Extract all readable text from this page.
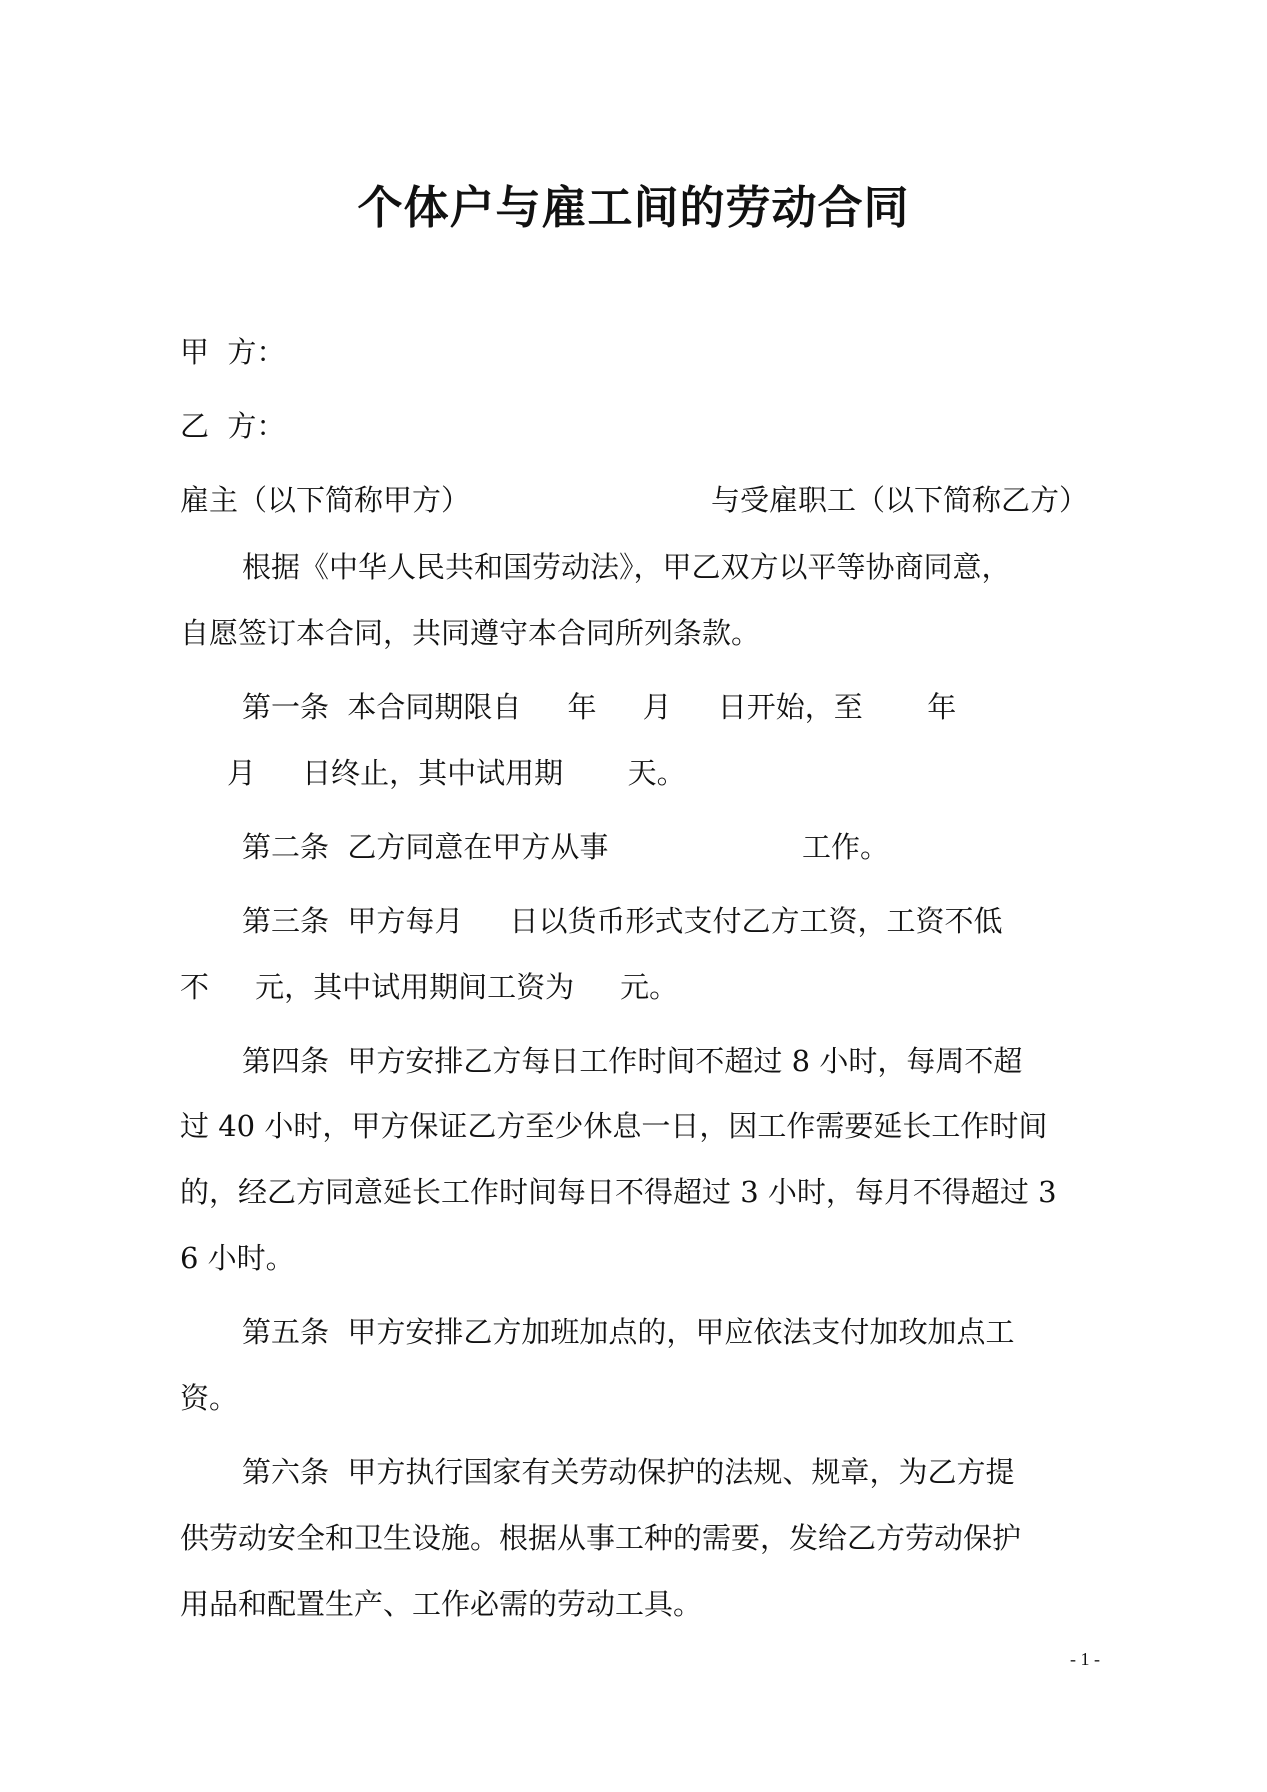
个体户与雇工间的劳动合同
甲  方：
乙  方：
雇主（以下简称甲方）	与受雇职工（以下简称乙方）
根据《中华人民共和国劳动法》，甲乙双方以平等协商同意，
自愿签订本合同，共同遵守本合同所列条款。
第一条  本合同期限自     年     月     日开始，至       年
月     日终止，其中试用期       天。
第二条  乙方同意在甲方从事                     工作。
第三条  甲方每月     日以货币形式支付乙方工资，工资不低
不     元，其中试用期间工资为     元。
第四条  甲方安排乙方每日工作时间不超过 8 小时，每周不超
过 40 小时，甲方保证乙方至少休息一日，因工作需要延长工作时间
的，经乙方同意延长工作时间每日不得超过 3 小时，每月不得超过 3
6 小时。
第五条  甲方安排乙方加班加点的，甲应依法支付加玫加点工
资。
第六条  甲方执行国家有关劳动保护的法规、规章，为乙方提
供劳动安全和卫生设施。根据从事工种的需要，发给乙方劳动保护
用品和配置生产、工作必需的劳动工具。
- 1 -
